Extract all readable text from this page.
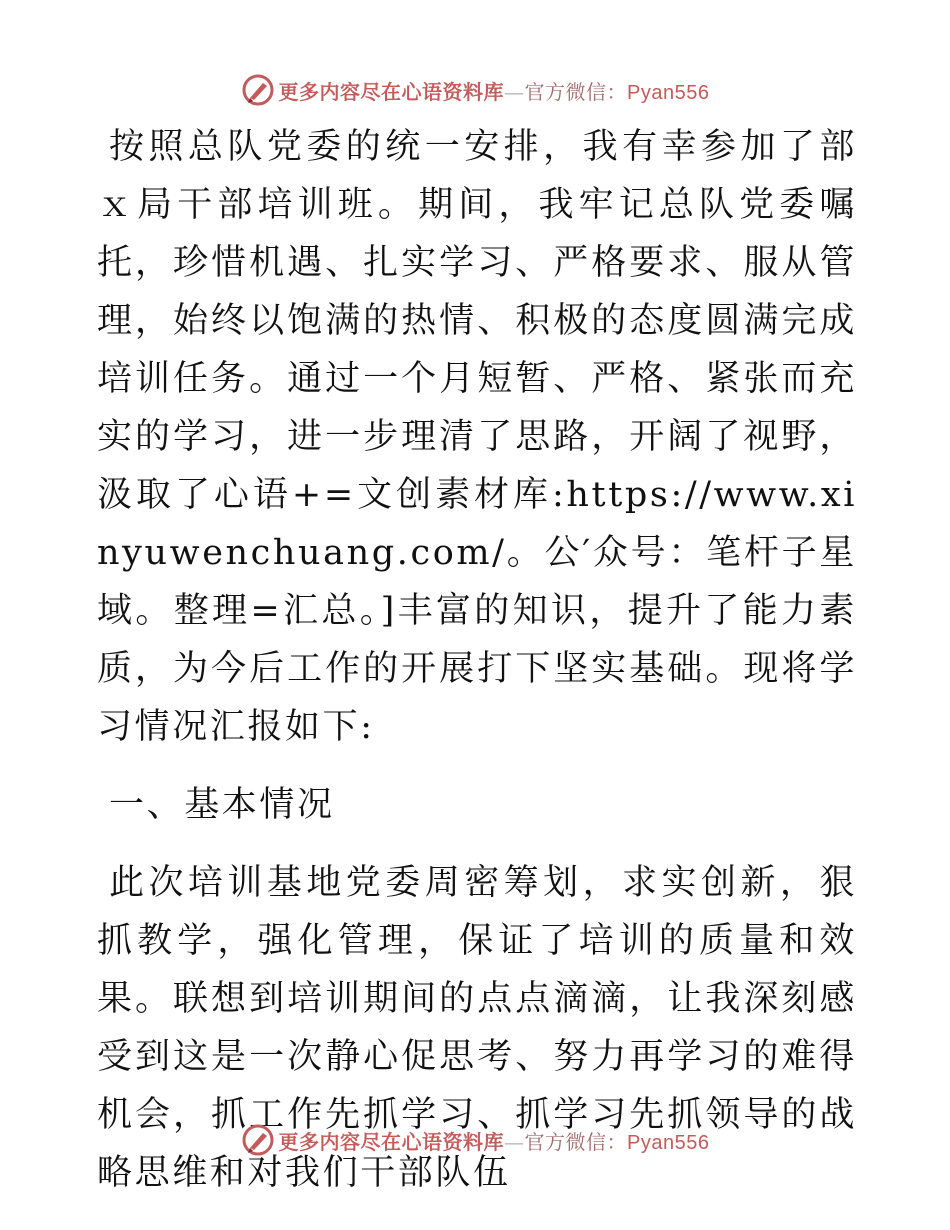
更多内容尽在心语资料库—官方微信：Pyan556

按照总队党委的统一安排，我有幸参加了部ｘ局干部培训班。期间，我牢记总队党委嘱托，珍惜机遇、扎实学习、严格要求、服从管理，始终以饱满的热情、积极的态度圆满完成培训任务。通过一个月短暂、严格、紧张而充实的学习，进一步理清了思路，开阔了视野，汲取了心语+=文创素材库:https://www.xinyuwenchuang.com/。公′众号：笔杆子星域。整理=汇总。]丰富的知识，提升了能力素质，为今后工作的开展打下坚实基础。现将学习情况汇报如下:

一、基本情况

此次培训基地党委周密筹划，求实创新，狠抓教学，强化管理，保证了培训的质量和效果。联想到培训期间的点点滴滴，让我深刻感受到这是一次静心促思考、努力再学习的难得机会，抓工作先抓学习、抓学习先抓领导的战略思维和对我们干部队伍

更多内容尽在心语资料库—官方微信：Pyan556
